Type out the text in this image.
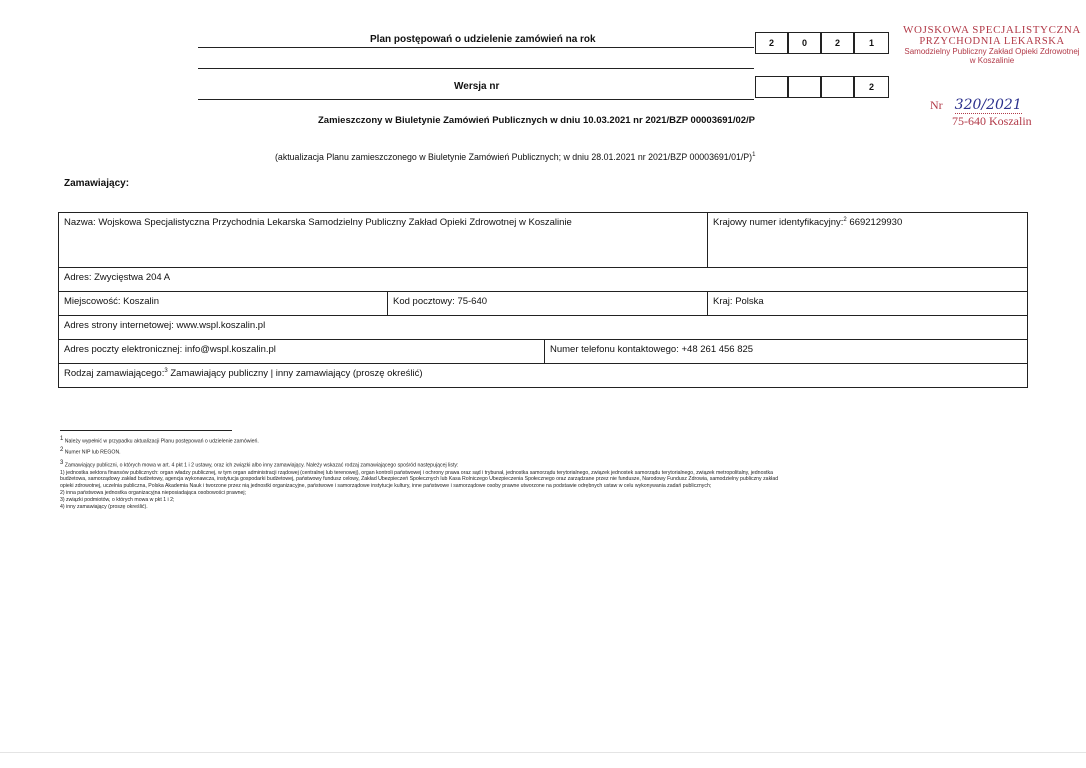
Plan postępowań o udzielenie zamówień na rok	2	0	2	1
Wersja nr	2
WOJSKOWA SPECJALISTYCZNA
PRZYCHODNIA LEKARSKA
Samodzielny Publiczny Zakład Opieki Zdrowotnej
w Koszalinie
Nr 320/2021
75-640 Koszalin
Zamieszczony w Biuletynie Zamówień Publicznych w dniu 10.03.2021 nr 2021/BZP 00003691/02/P
(aktualizacja Planu zamieszczonego w Biuletynie Zamówień Publicznych; w dniu 28.01.2021 nr 2021/BZP 00003691/01/P)$^1$
Zamawiający:
Nazwa: Wojskowa Specjalistyczna Przychodnia Lekarska Samodzielny Publiczny Zakład Opieki Zdrowotnej w Koszalinie	Krajowy numer identyfikacyjny:$^2$ 6692129930
Adres: Zwycięstwa 204 A
Miejscowość: Koszalin	Kod pocztowy: 75-640	Kraj: Polska
Adres strony internetowej: www.wspl.koszalin.pl
Adres poczty elektronicznej: info@wspl.koszalin.pl	Numer telefonu kontaktowego: +48 261 456 825
Rodzaj zamawiającego:$^3$ Zamawiający publiczny | inny zamawiający (proszę określić)
1 Należy wypełnić w przypadku aktualizacji Planu postępowań o udzielenie zamówień.
2 Numer NIP lub REGON.
3 Zamawiający publiczni, o których mowa w art. 4 pkt 1 i 2 ustawy, oraz ich związki albo inny zamawiający. Należy wskazać rodzaj zamawiającego spośród następującej listy:
1) jednostka sektora finansów publicznych: organ władzy publicznej, w tym organ administracji rządowej (centralnej lub terenowej), organ kontroli państwowej i ochrony prawa oraz sąd i trybunał, jednostka samorządu terytorialnego, związek jednostek samorządu terytorialnego, związek metropolitalny, jednostka
budżetowa, samorządowy zakład budżetowy, agencja wykonawcza, instytucja gospodarki budżetowej, państwowy fundusz celowy, Zakład Ubezpieczeń Społecznych lub Kasa Rolniczego Ubezpieczenia Społecznego oraz zarządzane przez nie fundusze, Narodowy Fundusz Zdrowia, samodzielny publiczny zakład
opieki zdrowotnej, uczelnia publiczna, Polska Akademia Nauk i tworzone przez nią jednostki organizacyjne, państwowe i samorządowe instytucje kultury, inne państwowe i samorządowe osoby prawne utworzone na podstawie odrębnych ustaw w celu wykonywania zadań publicznych;
2) inna państwowa jednostka organizacyjna nieposiadająca osobowości prawnej;
3) związki podmiotów, o których mowa w pkt 1 i 2;
4) inny zamawiający (proszę określić).
